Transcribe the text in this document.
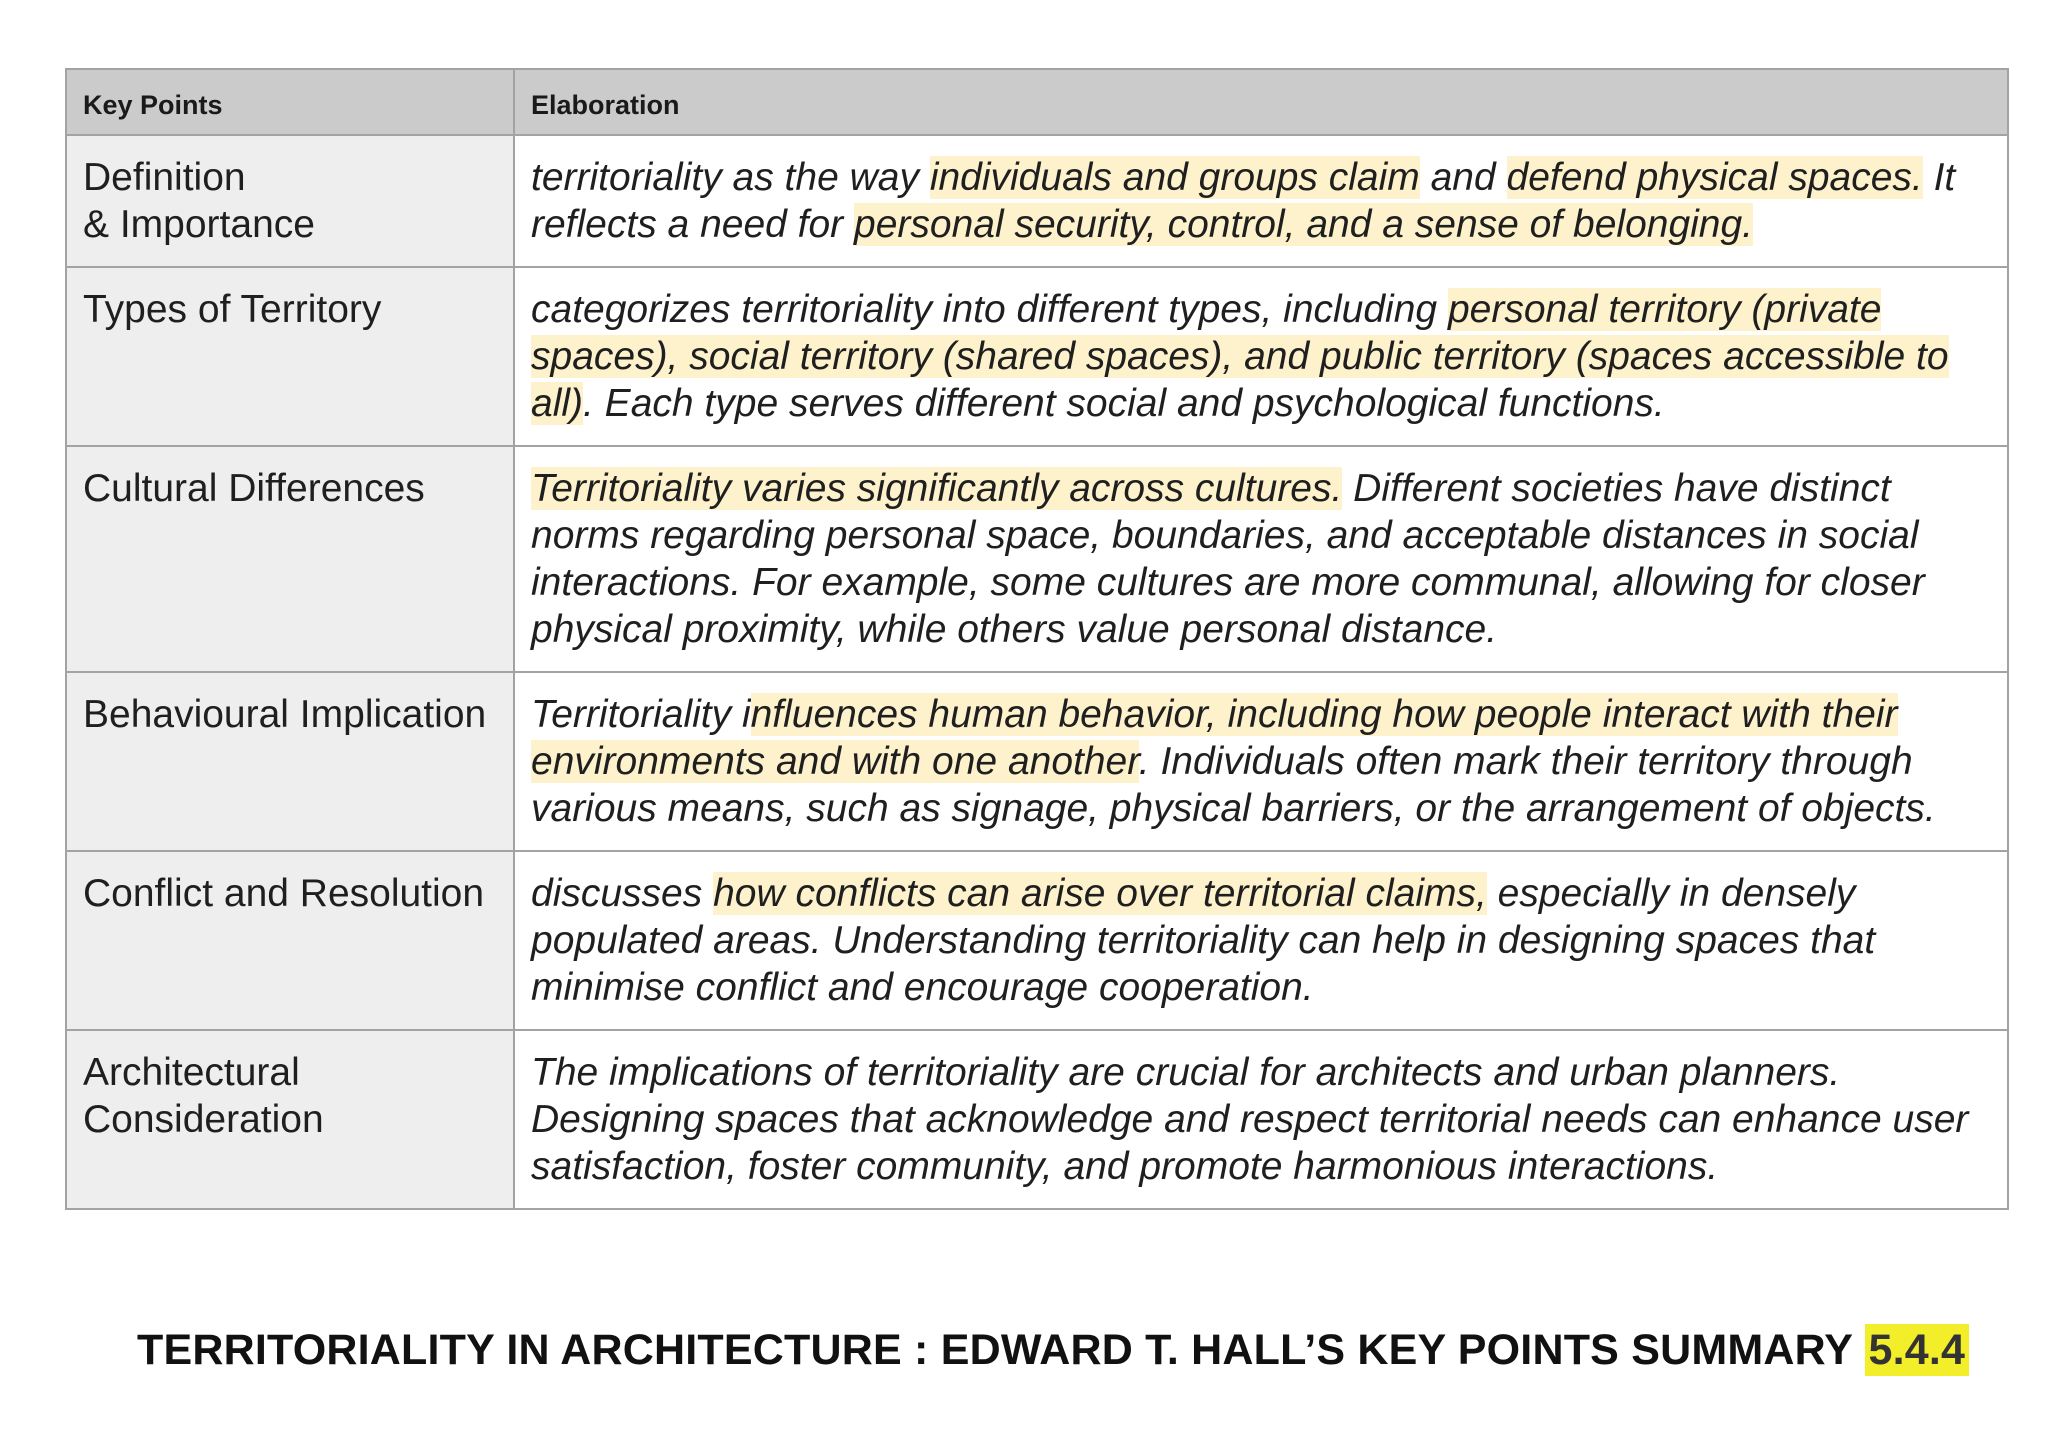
Key Points	Elaboration
Definition
& Importance	territoriality as the way individuals and groups claim and defend physical spaces. It reflects a need for personal security, control, and a sense of belonging.
Types of Territory	categorizes territoriality into different types, including personal territory (private spaces), social territory (shared spaces), and public territory (spaces accessible to all). Each type serves different social and psychological functions.
Cultural Differences	Territoriality varies significantly across cultures. Different societies have distinct norms regarding personal space, boundaries, and acceptable distances in social interactions. For example, some cultures are more communal, allowing for closer physical proximity, while others value personal distance.
Behavioural Implication	Territoriality influences human behavior, including how people interact with their environments and with one another. Individuals often mark their territory through various means, such as signage, physical barriers, or the arrangement of objects.
Conflict and Resolution	discusses how conflicts can arise over territorial claims, especially in densely populated areas. Understanding territoriality can help in designing spaces that minimise conflict and encourage cooperation.
Architectural
Consideration	The implications of territoriality are crucial for architects and urban planners. Designing spaces that acknowledge and respect territorial needs can enhance user satisfaction, foster community, and promote harmonious interactions.
TERRITORIALITY IN ARCHITECTURE : EDWARD T. HALL’S KEY POINTS SUMMARY 5.4.4
